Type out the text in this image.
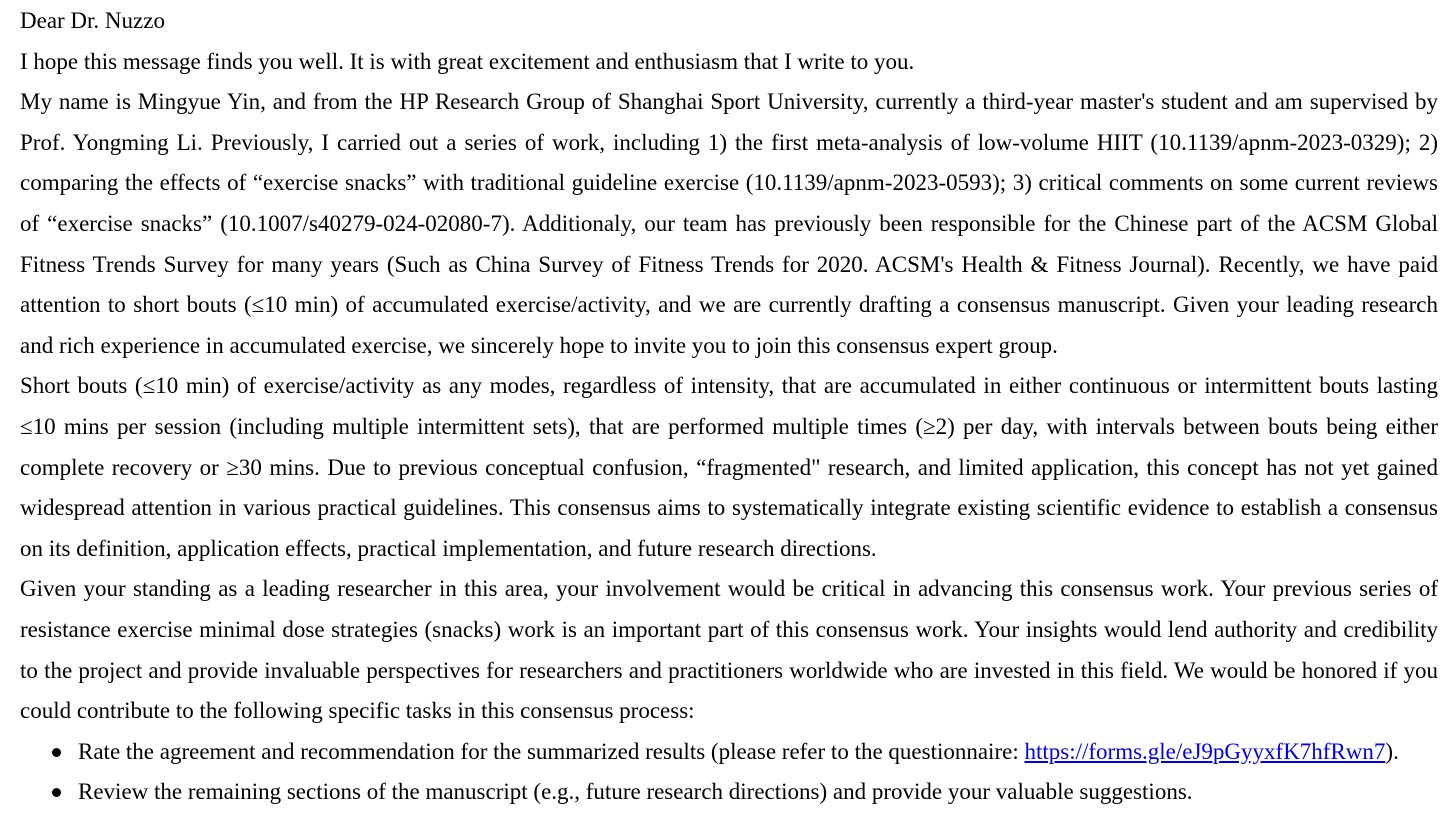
Dear Dr. Nuzzo

I hope this message finds you well. It is with great excitement and enthusiasm that I write to you.

My name is Mingyue Yin, and from the HP Research Group of Shanghai Sport University, currently a third-year master's student and am supervised by Prof. Yongming Li. Previously, I carried out a series of work, including 1) the first meta-analysis of low-volume HIIT (10.1139/apnm-2023-0329); 2) comparing the effects of “exercise snacks” with traditional guideline exercise (10.1139/apnm-2023-0593); 3) critical comments on some current reviews of “exercise snacks” (10.1007/s40279-024-02080-7). Additionaly, our team has previously been responsible for the Chinese part of the ACSM Global Fitness Trends Survey for many years (Such as China Survey of Fitness Trends for 2020. ACSM's Health & Fitness Journal). Recently, we have paid attention to short bouts (≤10 min) of accumulated exercise/activity, and we are currently drafting a consensus manuscript. Given your leading research and rich experience in accumulated exercise, we sincerely hope to invite you to join this consensus expert group.

Short bouts (≤10 min) of exercise/activity as any modes, regardless of intensity, that are accumulated in either continuous or intermittent bouts lasting ≤10 mins per session (including multiple intermittent sets), that are performed multiple times (≥2) per day, with intervals between bouts being either complete recovery or ≥30 mins. Due to previous conceptual confusion, “fragmented" research, and limited application, this concept has not yet gained widespread attention in various practical guidelines. This consensus aims to systematically integrate existing scientific evidence to establish a consensus on its definition, application effects, practical implementation, and future research directions.

Given your standing as a leading researcher in this area, your involvement would be critical in advancing this consensus work. Your previous series of resistance exercise minimal dose strategies (snacks) work is an important part of this consensus work. Your insights would lend authority and credibility to the project and provide invaluable perspectives for researchers and practitioners worldwide who are invested in this field. We would be honored if you could contribute to the following specific tasks in this consensus process:

Rate the agreement and recommendation for the summarized results (please refer to the questionnaire: https://forms.gle/eJ9pGyyxfK7hfRwn7).
Review the remaining sections of the manuscript (e.g., future research directions) and provide your valuable suggestions.
